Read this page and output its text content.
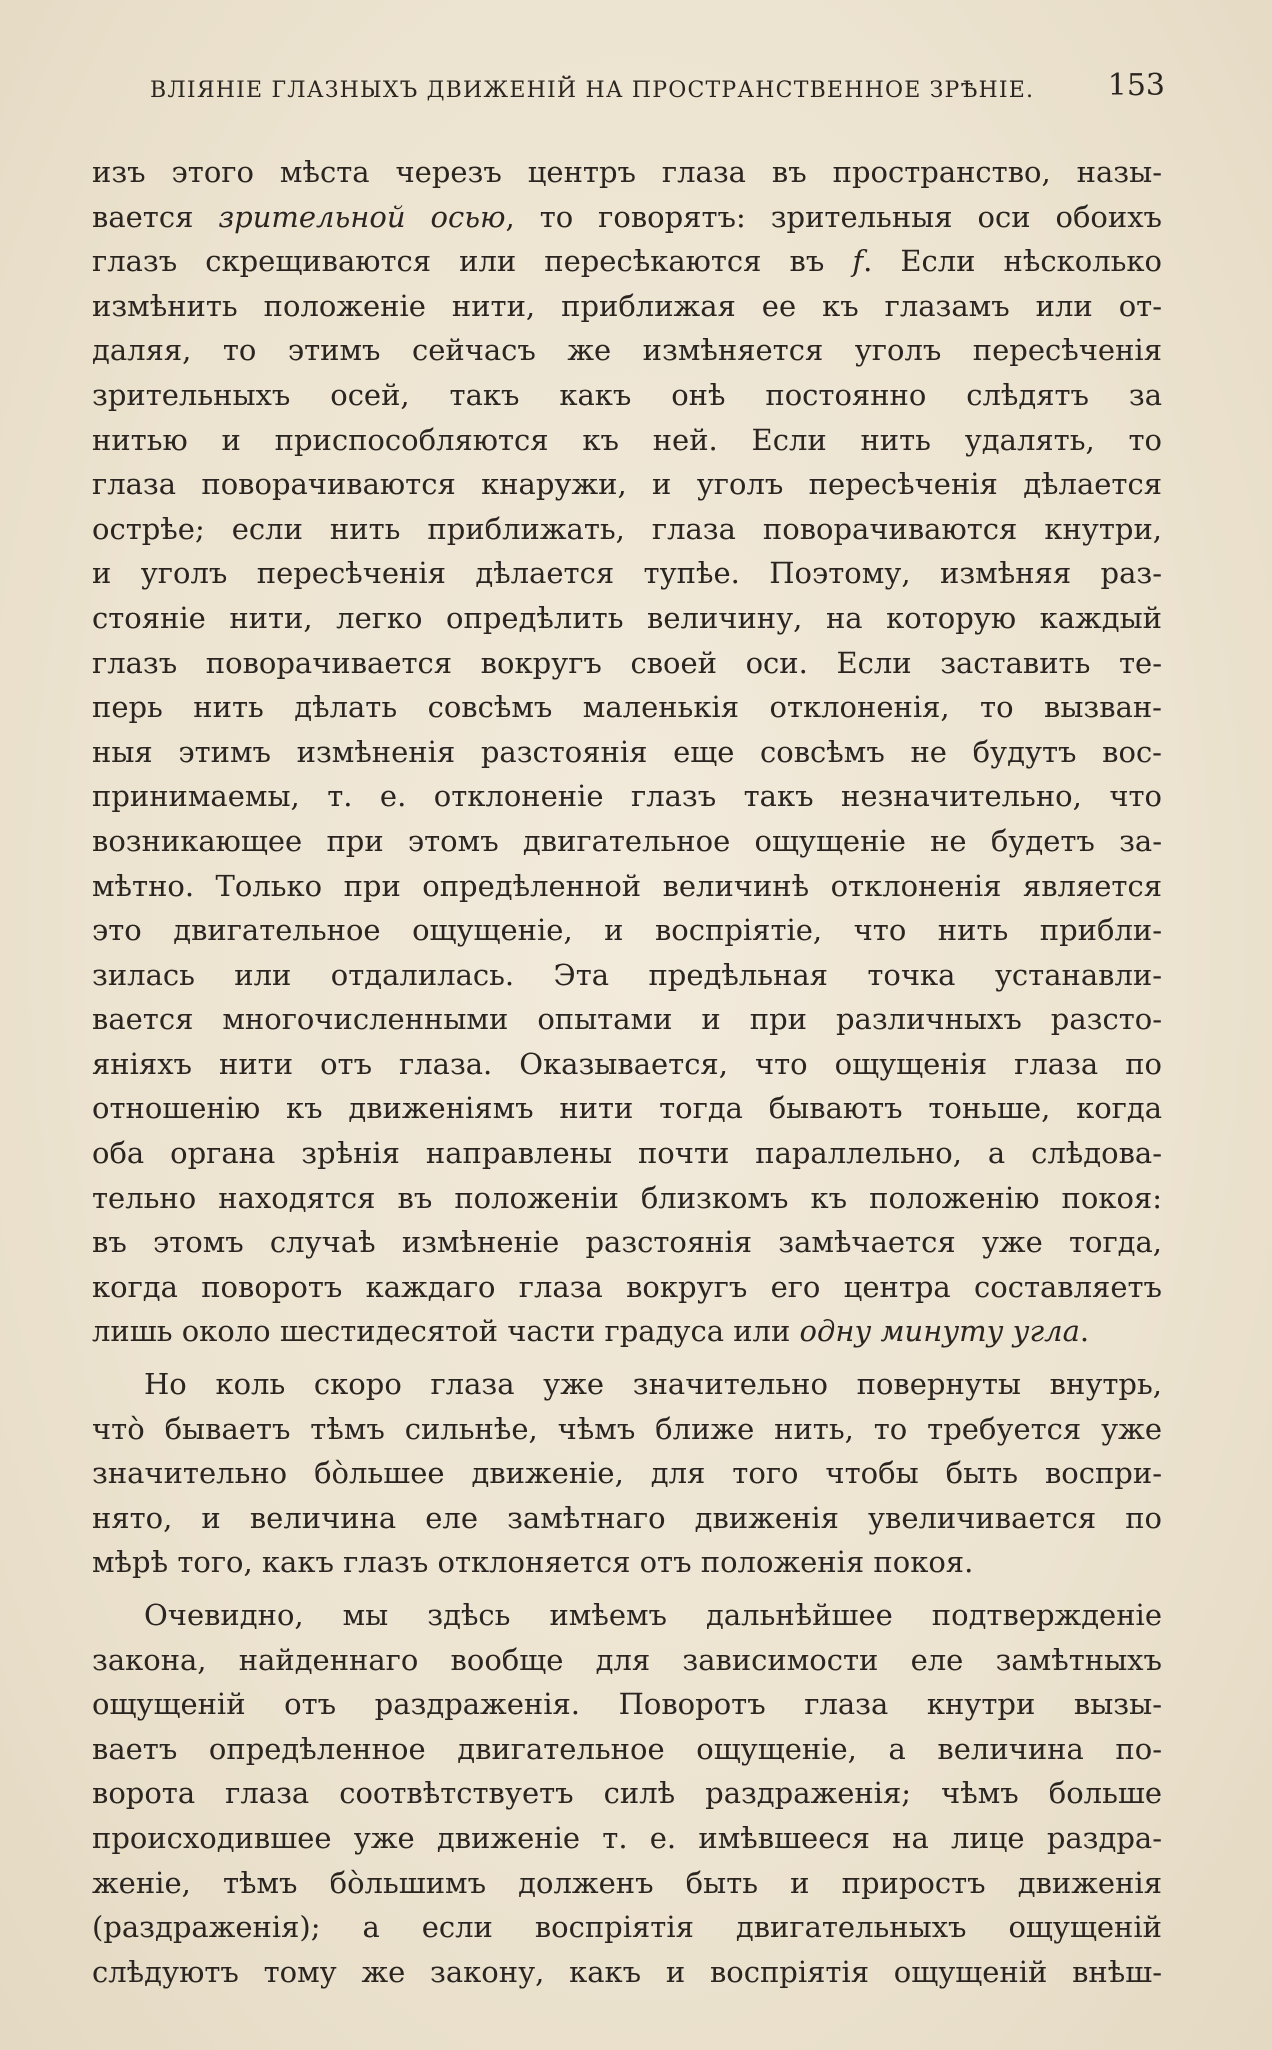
ВЛІЯНІЕ ГЛАЗНЫХЪ ДВИЖЕНІЙ НА ПРОСТРАНСТВЕННОЕ ЗРѢНІЕ. 153
изъ этого мѣста черезъ центръ глаза въ пространство, назы-
вается зрительной осью, то говорятъ: зрительныя оси обоихъ
глазъ скрещиваются или пересѣкаются въ f. Если нѣсколько
измѣнить положеніе нити, приближая ее къ глазамъ или от-
даляя, то этимъ сейчасъ же измѣняется уголъ пересѣченія
зрительныхъ осей, такъ какъ онѣ постоянно слѣдятъ за
нитью и приспособляются къ ней. Если нить удалять, то
глаза поворачиваются кнаружи, и уголъ пересѣченія дѣлается
острѣе; если нить приближать, глаза поворачиваются кнутри,
и уголъ пересѣченія дѣлается тупѣе. Поэтому, измѣняя раз-
стояніе нити, легко опредѣлить величину, на которую каждый
глазъ поворачивается вокругъ своей оси. Если заставить те-
перь нить дѣлать совсѣмъ маленькія отклоненія, то вызван-
ныя этимъ измѣненія разстоянія еще совсѣмъ не будутъ вос-
принимаемы, т. е. отклоненіе глазъ такъ незначительно, что
возникающее при этомъ двигательное ощущеніе не будетъ за-
мѣтно. Только при опредѣленной величинѣ отклоненія является
это двигательное ощущеніе, и воспріятіе, что нить прибли-
зилась или отдалилась. Эта предѣльная точка устанавли-
вается многочисленными опытами и при различныхъ разсто-
яніяхъ нити отъ глаза. Оказывается, что ощущенія глаза по
отношенію къ движеніямъ нити тогда бываютъ тоньше, когда
оба органа зрѣнія направлены почти параллельно, а слѣдова-
тельно находятся въ положеніи близкомъ къ положенію покоя:
въ этомъ случаѣ измѣненіе разстоянія замѣчается уже тогда,
когда поворотъ каждаго глаза вокругъ его центра составляетъ
лишь около шестидесятой части градуса или одну минуту угла.
Но коль скоро глаза уже значительно повернуты внутрь,
что̀ бываетъ тѣмъ сильнѣе, чѣмъ ближе нить, то требуется уже
значительно бо̀льшее движеніе, для того чтобы быть воспри-
нято, и величина еле замѣтнаго движенія увеличивается по
мѣрѣ того, какъ глазъ отклоняется отъ положенія покоя.
Очевидно, мы здѣсь имѣемъ дальнѣйшее подтвержденіе
закона, найденнаго вообще для зависимости еле замѣтныхъ
ощущеній отъ раздраженія. Поворотъ глаза кнутри вызы-
ваетъ опредѣленное двигательное ощущеніе, а величина по-
ворота глаза соотвѣтствуетъ силѣ раздраженія; чѣмъ больше
происходившее уже движеніе т. е. имѣвшееся на лице раздра-
женіе, тѣмъ бо̀льшимъ долженъ быть и приростъ движенія
(раздраженія); а если воспріятія двигательныхъ ощущеній
слѣдуютъ тому же закону, какъ и воспріятія ощущеній внѣш-
